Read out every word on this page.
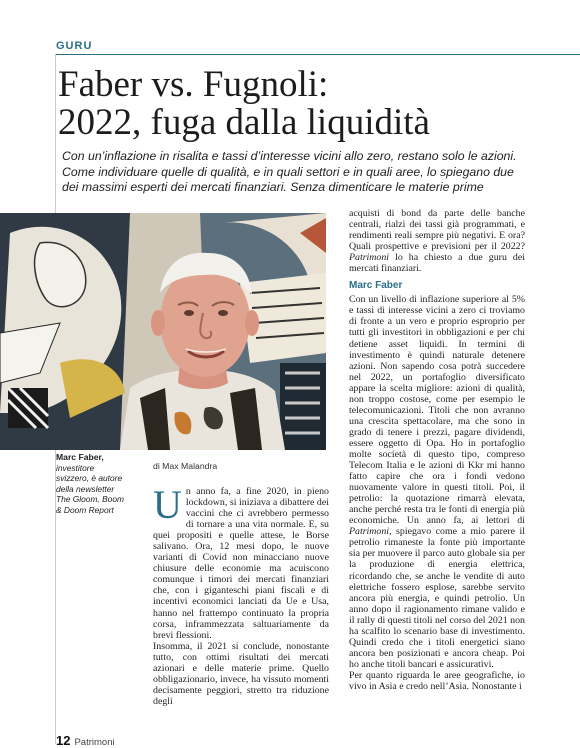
GURU
Faber vs. Fugnoli:
2022, fuga dalla liquidità

Con un’inflazione in risalita e tassi d’interesse vicini allo zero, restano solo le azioni. Come individuare quelle di qualità, e in quali settori e in quali aree, lo spiegano due dei massimi esperti dei mercati finanziari. Senza dimenticare le materie prime

Marc Faber,
investitore svizzero, è autore della newsletter The Gloom, Boom & Doom Report
di Max Malandra

Un anno fa, a fine 2020, in pieno lockdown, si iniziava a dibattere dei vaccini che ci avrebbero permesso di tornare a una vita normale. E, su quei propositi e quelle attese, le Borse salivano. Ora, 12 mesi dopo, le nuove varianti di Covid non minacciano nuove chiusure delle economie ma acuiscono comunque i timori dei mercati finanziari che, con i giganteschi piani fiscali e di incentivi economici lanciati da Ue e Usa, hanno nel frattempo continuato la propria corsa, inframmezzata saltuariamente da brevi flessioni.

Insomma, il 2021 si conclude, nonostante tutto, con ottimi risultati dei mercati azionari e delle materie prime. Quello obbligazionario, invece, ha vissuto momenti decisamente peggiori, stretto tra riduzione degli

acquisti di bond da parte delle banche centrali, rialzi dei tassi già programmati, e rendimenti reali sempre più negativi. E ora? Quali prospettive e previsioni per il 2022? Patrimoni lo ha chiesto a due guru dei mercati finanziari.

Marc Faber

Con un livello di inflazione superiore al 5% e tassi di interesse vicini a zero ci troviamo di fronte a un vero e proprio esproprio per tutti gli investitori in obbligazioni e per chi detiene asset liquidi. In termini di investimento è quindi naturale detenere azioni. Non sapendo cosa potrà succedere nel 2022, un portafoglio diversificato appare la scelta migliore: azioni di qualità, non troppo costose, come per esempio le telecomunicazioni. Titoli che non avranno una crescita spettacolare, ma che sono in grado di tenere i prezzi, pagare dividendi, essere oggetto di Opa. Ho in portafoglio molte società di questo tipo, compreso Telecom Italia e le azioni di Kkr mi hanno fatto capire che ora i fondi vedono nuovamente valore in questi titoli. Poi, il petrolio: la quotazione rimarrà elevata, anche perché resta tra le fonti di energia più economiche. Un anno fa, ai lettori di Patrimoni, spiegavo come a mio parere il petrolio rimaneste la fonte più importante sia per muovere il parco auto globale sia per la produzione di energia elettrica, ricordando che, se anche le vendite di auto elettriche fossero esplose, sarebbe servito ancora più energia, e quindi petrolio. Un anno dopo il ragionamento rimane valido e il rally di questi titoli nel corso del 2021 non ha scalfito lo scenario base di investimento. Quindi credo che i titoli energetici siano ancora ben posizionati e ancora cheap. Poi ho anche titoli bancari e assicurativi.

Per quanto riguarda le aree geografiche, io vivo in Asia e credo nell’Asia. Nonostante i

12 Patrimoni
